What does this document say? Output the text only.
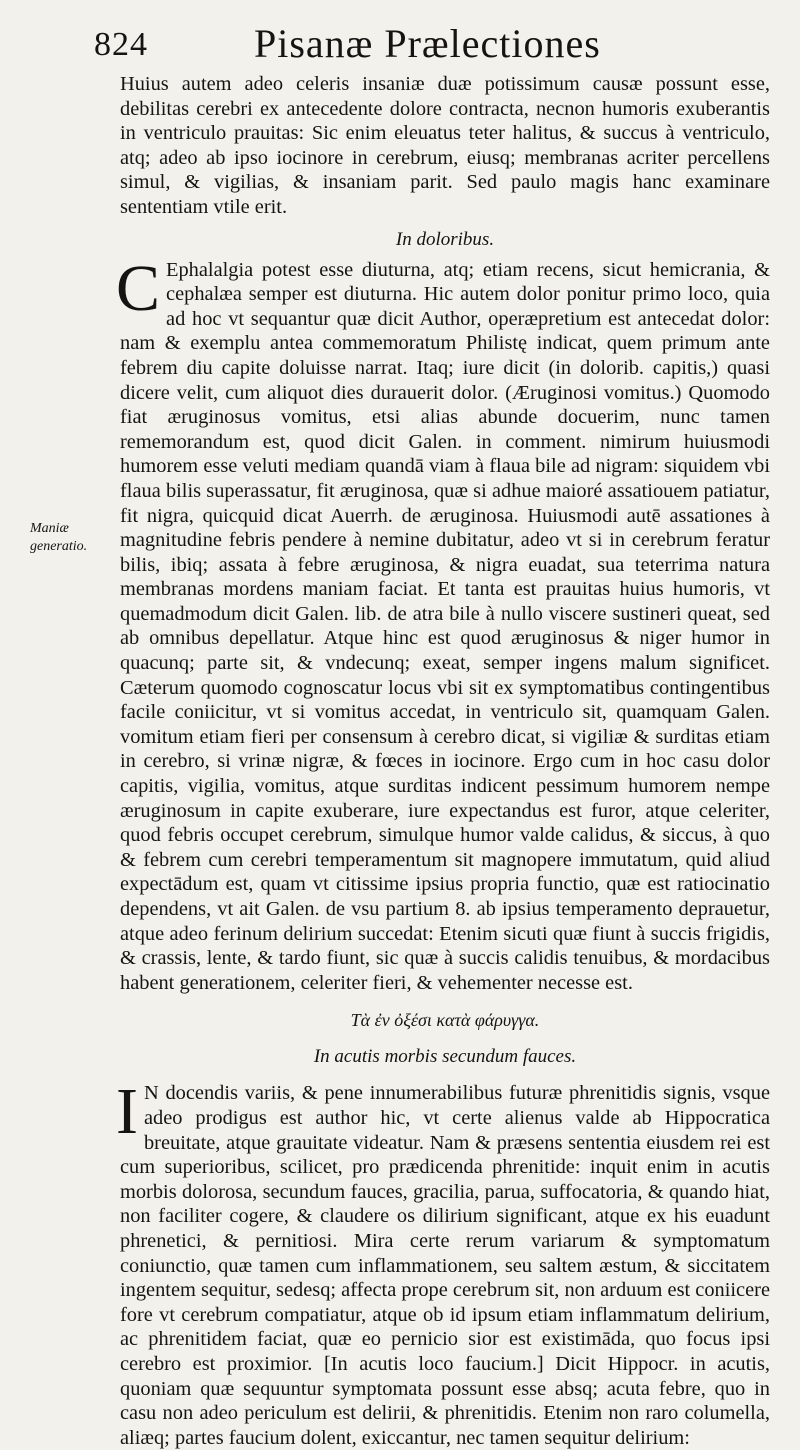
824	Pisanæ Prælectiones
Maniæ generatio.

Huius autem adeo celeris insaniæ duæ potissimum causæ possunt esse, debilitas cerebri ex antecedente dolore contracta, necnon humoris exuberantis in ventriculo prauitas: Sic enim eleuatus teter halitus, & succus à ventriculo, atq; adeo ab ipso iocinore in cerebrum, eiusq; membranas acriter percellens simul, & vigilias, & insaniam parit. Sed paulo magis hanc examinare sententiam vtile erit.

In doloribus.
C Ephalalgia potest esse diuturna, atq; etiam recens, sicut hemicrania, & cephalæa semper est diuturna. Hic autem dolor ponitur primo loco, quia ad hoc vt sequantur quæ dicit Author, operæpretium est antecedat dolor: nam & exemplu antea commemoratum Philistę indicat, quem primum ante febrem diu capite doluisse narrat. Itaq; iure dicit (in dolorib. capitis,) quasi dicere velit, cum aliquot dies durauerit dolor. (Æruginosi vomitus.) Quomodo fiat æruginosus vomitus, etsi alias abunde docuerim, nunc tamen rememorandum est, quod dicit Galen. in comment. nimirum huiusmodi humorem esse veluti mediam quandā viam à flaua bile ad nigram: siquidem vbi flaua bilis superassatur, fit æruginosa, quæ si adhue maioré assatiouem patiatur, fit nigra, quicquid dicat Auerrh. de æruginosa. Huiusmodi autē assationes à magnitudine febris pendere à nemine dubitatur, adeo vt si in cerebrum feratur bilis, ibiq; assata à febre æruginosa, & nigra euadat, sua teterrima natura membranas mordens maniam faciat. Et tanta est prauitas huius humoris, vt quemadmodum dicit Galen. lib. de atra bile à nullo viscere sustineri queat, sed ab omnibus depellatur. Atque hinc est quod æruginosus & niger humor in quacunq; parte sit, & vndecunq; exeat, semper ingens malum significet. Cæterum quomodo cognoscatur locus vbi sit ex symptomatibus contingentibus facile coniicitur, vt si vomitus accedat, in ventriculo sit, quamquam Galen. vomitum etiam fieri per consensum à cerebro dicat, si vigiliæ & surditas etiam in cerebro, si vrinæ nigræ, & fœces in iocinore. Ergo cum in hoc casu dolor capitis, vigilia, vomitus, atque surditas indicent pessimum humorem nempe æruginosum in capite exuberare, iure expectandus est furor, atque celeriter, quod febris occupet cerebrum, simulque humor valde calidus, & siccus, à quo & febrem cum cerebri temperamentum sit magnopere immutatum, quid aliud expectādum est, quam vt citissime ipsius propria functio, quæ est ratiocinatio dependens, vt ait Galen. de vsu partium 8. ab ipsius temperamento deprauetur, atque adeo ferinum delirium succedat: Etenim sicuti quæ fiunt à succis frigidis, & crassis, lente, & tardo fiunt, sic quæ à succis calidis tenuibus, & mordacibus habent generationem, celeriter fieri, & vehementer necesse est.

Τὰ ἐν ὀξέσι κατὰ φάρυγγα.
In acutis morbis secundum fauces.
I N docendis variis, & pene innumerabilibus futuræ phrenitidis signis, vsque adeo prodigus est author hic, vt certe alienus valde ab Hippocratica breuitate, atque grauitate videatur. Nam & præsens sententia eiusdem rei est cum superioribus, scilicet, pro prædicenda phrenitide: inquit enim in acutis morbis dolorosa, secundum fauces, gracilia, parua, suffocatoria, & quando hiat, non faciliter cogere, & claudere os dilirium significant, atque ex his euadunt phrenetici, & pernitiosi. Mira certe rerum variarum & symptomatum coniunctio, quæ tamen cum inflammationem, seu saltem æstum, & siccitatem ingentem sequitur, sedesq; affecta prope cerebrum sit, non arduum est coniicere fore vt cerebrum compatiatur, atque ob id ipsum etiam inflammatum delirium, ac phrenitidem faciat, quæ eo pernicio sior est existimāda, quo focus ipsi cerebro est proximior. [In acutis loco faucium.] Dicit Hippocr. in acutis, quoniam quæ sequuntur symptomata possunt esse absq; acuta febre, quo in casu non adeo periculum est delirii, & phrenitidis. Etenim non raro columella, aliæq; partes faucium dolent, exiccantur, nec tamen sequitur delirium:
